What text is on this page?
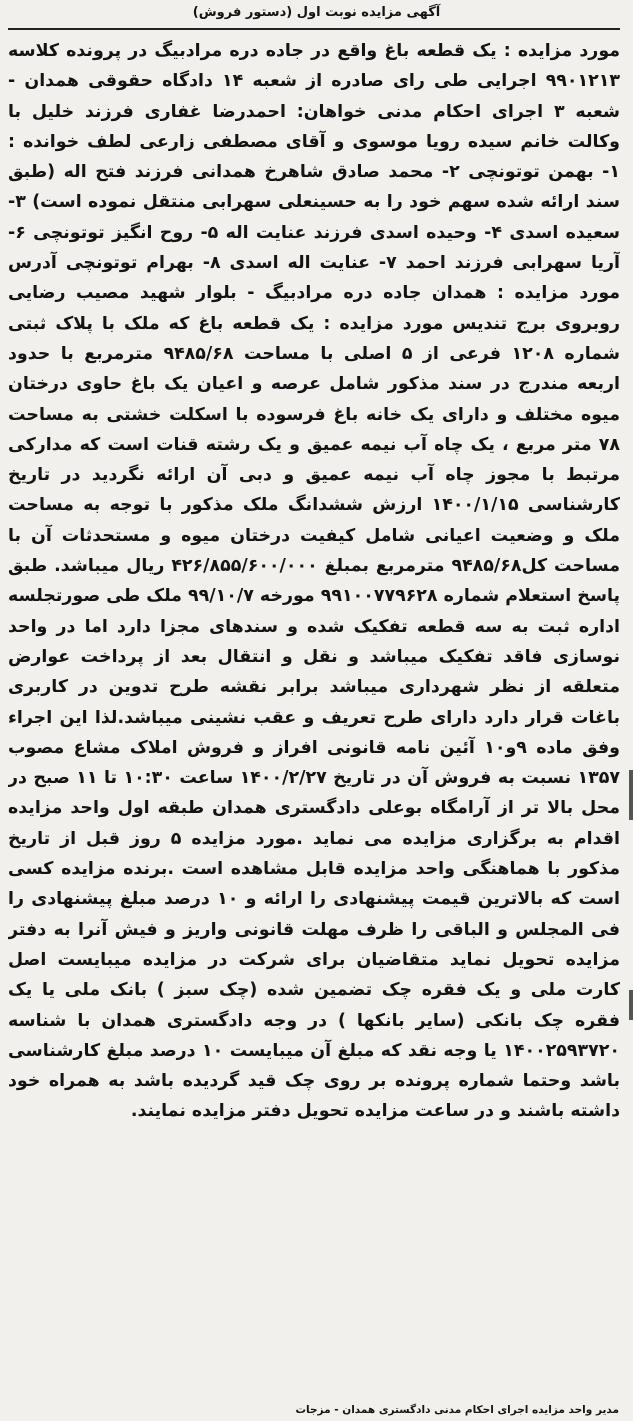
آگهی مزایده نوبت اول (دستور فروش)

مورد مزایده : یک قطعه باغ واقع در جاده دره مرادبیگ در پرونده کلاسه ۹۹۰۱۲۱۳ اجرایی طی رای صادره از شعبه ۱۴ دادگاه حقوقی همدان - شعبه ۳ اجرای احکام مدنی خواهان: احمدرضا غفاری فرزند خلیل با وکالت خانم سیده رویا موسوی و آقای مصطفی زارعی لطف خوانده : ۱- بهمن توتونچی ۲- محمد صادق شاهرخ همدانی فرزند فتح اله (طبق سند ارائه شده سهم خود را به حسینعلی سهرابی منتقل نموده است) ۳- سعیده اسدی ۴- وحیده اسدی فرزند عنایت اله ۵- روح انگیز توتونچی ۶- آریا سهرابی فرزند احمد ۷- عنایت اله اسدی ۸- بهرام توتونچی آدرس مورد مزایده : همدان جاده دره مرادبیگ - بلوار شهید مصیب رضایی روبروی برج تندیس مورد مزایده : یک قطعه باغ که ملک با پلاک ثبتی شماره ۱۲۰۸ فرعی از ۵ اصلی با مساحت ۹۴۸۵/۶۸ مترمربع با حدود اربعه مندرج در سند مذکور شامل عرصه و اعیان یک باغ حاوی درختان میوه مختلف و دارای یک خانه باغ فرسوده با اسکلت خشتی به مساحت ۷۸ متر مربع ، یک چاه آب نیمه عمیق و یک رشته قنات است که مدارکی مرتبط با مجوز چاه آب نیمه عمیق و دبی آن ارائه نگردید در تاریخ کارشناسی ۱۴۰۰/۱/۱۵ ارزش ششدانگ ملک مذکور با توجه به مساحت ملک و وضعیت اعیانی شامل کیفیت درختان میوه و مستحدثات آن با مساحت کل۹۴۸۵/۶۸ مترمربع بمبلغ ۴۲۶/۸۵۵/۶۰۰/۰۰۰ ریال میباشد. طبق پاسخ استعلام شماره ۹۹۱۰۰۷۷۹۶۲۸ مورخه ۹۹/۱۰/۷ ملک طی صورتجلسه اداره ثبت به سه قطعه تفکیک شده و سندهای مجزا دارد اما در واحد نوسازی فاقد تفکیک میباشد و نقل و انتقال بعد از پرداخت عوارض متعلقه از نظر شهرداری میباشد برابر نقشه طرح تدوین در کاربری باغات قرار دارد دارای طرح تعریف و عقب نشینی میباشد.لذا این اجراء وفق ماده ۹و۱۰ آئین نامه قانونی افراز و فروش املاک مشاع مصوب ۱۳۵۷ نسبت به فروش آن در تاریخ ۱۴۰۰/۲/۲۷ ساعت ۱۰:۳۰ تا ۱۱ صبح در محل بالا تر از آرامگاه بوعلی دادگستری همدان طبقه اول واحد مزایده اقدام به برگزاری مزایده می نماید .مورد مزایده ۵ روز قبل از تاریخ مذکور با هماهنگی واحد مزایده قابل مشاهده است .برنده مزایده کسی است که بالاترین قیمت پیشنهادی را ارائه و ۱۰ درصد مبلغ پیشنهادی را فی المجلس و الباقی را ظرف مهلت قانونی واریز و فیش آنرا به دفتر مزایده تحویل نماید متقاضیان برای شرکت در مزایده میبایست اصل کارت ملی و یک فقره چک تضمین شده (چک سبز ) بانک ملی یا یک فقره چک بانکی (سایر بانکها ) در وجه دادگستری همدان با شناسه ۱۴۰۰۲۵۹۳۷۲۰ یا وجه نقد که مبلغ آن میبایست ۱۰ درصد مبلغ کارشناسی باشد وحتما شماره پرونده بر روی چک قید گردیده باشد به همراه خود داشته باشند و در ساعت مزایده تحویل دفتر مزایده نمایند.

مدیر واحد مزایده اجرای احکام مدنی دادگستری همدان - مزجات
